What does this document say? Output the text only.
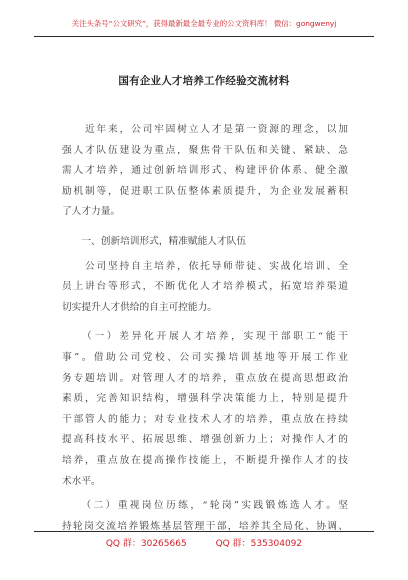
关注头条号“公文研究”，获得最新最全最专业的公文资料库！ 微信：gongwenyj
国有企业人才培养工作经验交流材料
　　近年来，公司牢固树立人才是第一资源的理念，以加
强人才队伍建设为重点，聚焦骨干队伍和关键、紧缺、急
需人才培养，通过创新培训形式、构建评价体系、健全激
励机制等，促进职工队伍整体素质提升，为企业发展蓄积
了人才力量。
　　一、创新培训形式，精准赋能人才队伍
　　公司坚持自主培养，依托导师带徒、实战化培训、全
员上讲台等形式，不断优化人才培养模式，拓宽培养渠道
切实提升人才供给的自主可控能力。
　　（一）差异化开展人才培养，实现干部职工“能干
事”。借助公司党校、公司实操培训基地等开展工作业
务专题培训。对管理人才的培养，重点放在提高思想政治
素质，完善知识结构，增强科学决策能力上，特别是提升
干部管人的能力；对专业技术人才的培养，重点放在持续
提高科技水平、拓展思维、增强创新力上；对操作人才的
培养，重点放在提高操作技能上，不断提升操作人才的技
术水平。
　　（二）重视岗位历练，“轮岗”实践锻炼选人才。坚
持轮岗交流培养锻炼基层管理干部，培养其全局化、协调、
QQ 群：30265665	QQ 群：535304092
